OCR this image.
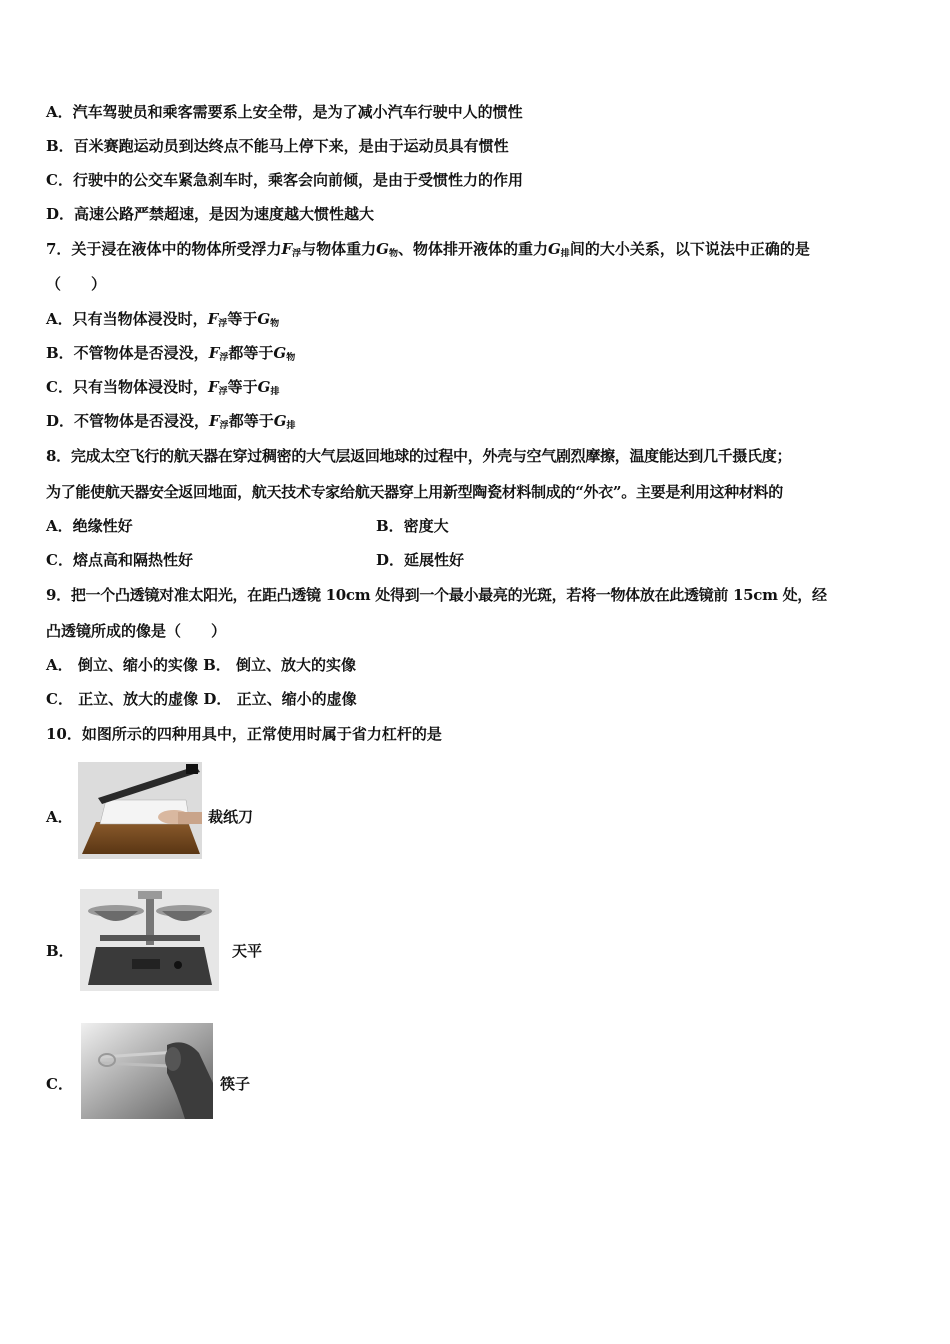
A．汽车驾驶员和乘客需要系上安全带，是为了减小汽车行驶中人的惯性
B．百米赛跑运动员到达终点不能马上停下来，是由于运动员具有惯性
C．行驶中的公交车紧急刹车时，乘客会向前倾，是由于受惯性力的作用
D．高速公路严禁超速，是因为速度越大惯性越大
7．关于浸在液体中的物体所受浮力$F_浮$与物体重力$G_物$、物体排开液体的重力$G_排$间的大小关系，以下说法中正确的是
（　　）
A．只有当物体浸没时，$F_浮$等于$G_物$
B．不管物体是否浸没，$F_浮$都等于$G_物$
C．只有当物体浸没时，$F_浮$等于$G_排$
D．不管物体是否浸没，$F_浮$都等于$G_排$
8．完成太空飞行的航天器在穿过稠密的大气层返回地球的过程中，外壳与空气剧烈摩擦，温度能达到几千摄氏度；
为了能使航天器安全返回地面，航天技术专家给航天器穿上用新型陶瓷材料制成的“外衣”。主要是利用这种材料的
A．绝缘性好	B．密度大
C．熔点高和隔热性好	D．延展性好
9．把一个凸透镜对准太阳光，在距凸透镜 10cm 处得到一个最小最亮的光斑，若将一物体放在此透镜前 15cm 处，经
凸透镜所成的像是（　　）
A． 倒立、缩小的实像 B． 倒立、放大的实像
C． 正立、放大的虚像 D． 正立、缩小的虚像
10．如图所示的四种用具中，正常使用时属于省力杠杆的是
A．	裁纸刀
B．	天平
C．	筷子
